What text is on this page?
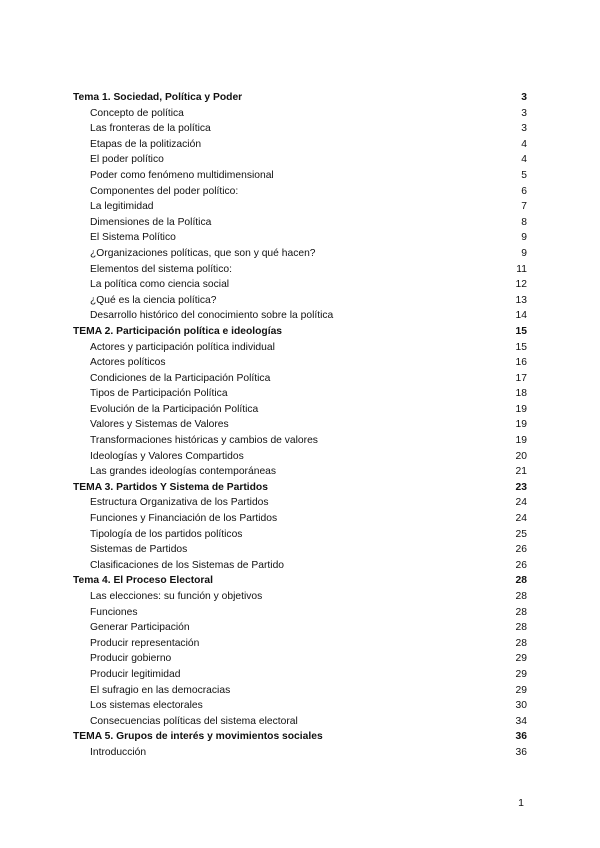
Tema 1. Sociedad, Política y Poder	3
Concepto de política	3
Las fronteras de la política	3
Etapas de la politización	4
El poder político	4
Poder como fenómeno multidimensional	5
Componentes del poder político:	6
La legitimidad	7
Dimensiones de la Política	8
El Sistema Político	9
¿Organizaciones políticas, que son y qué hacen?	9
Elementos del sistema político:	11
La política como ciencia social	12
¿Qué es la ciencia política?	13
Desarrollo histórico del conocimiento sobre la política	14
TEMA 2. Participación política e ideologías	15
Actores y participación política individual	15
Actores políticos	16
Condiciones de la Participación Política	17
Tipos de Participación Política	18
Evolución de la Participación Política	19
Valores y Sistemas de Valores	19
Transformaciones históricas y cambios de valores	19
Ideologías y Valores Compartidos	20
Las grandes ideologías contemporáneas	21
TEMA 3. Partidos Y Sistema de Partidos	23
Estructura Organizativa de los Partidos	24
Funciones y Financiación de los Partidos	24
Tipología de los partidos políticos	25
Sistemas de Partidos	26
Clasificaciones de los Sistemas de Partido	26
Tema 4. El Proceso Electoral	28
Las elecciones: su función y objetivos	28
Funciones	28
Generar Participación	28
Producir representación	28
Producir gobierno	29
Producir legitimidad	29
El sufragio en las democracias	29
Los sistemas electorales	30
Consecuencias políticas del sistema electoral	34
TEMA 5. Grupos de interés y movimientos sociales	36
Introducción	36
1
